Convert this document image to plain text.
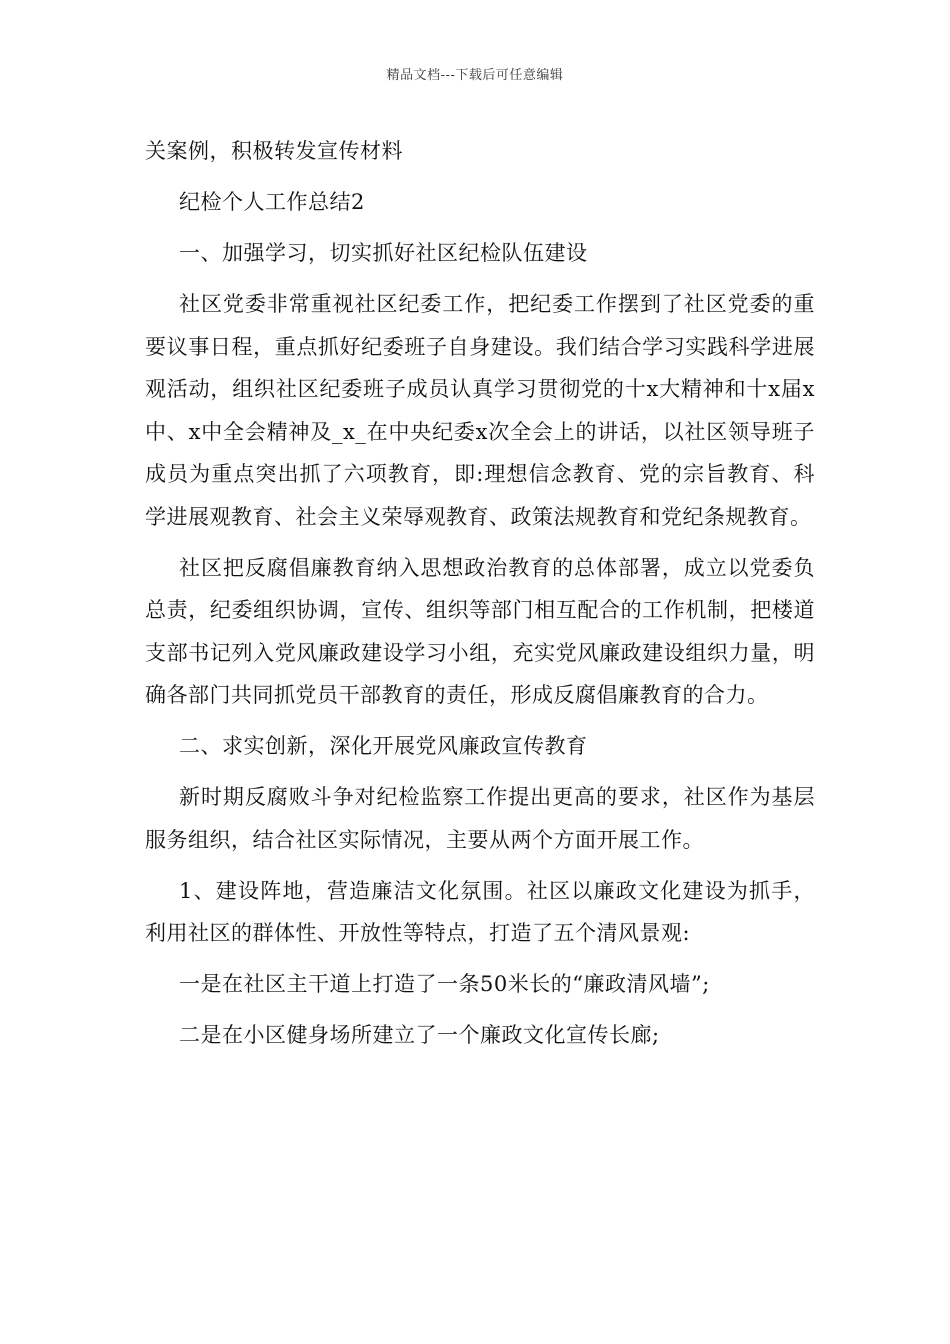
精品文档---下载后可任意编辑

关案例，积极转发宣传材料

纪检个人工作总结2

一、加强学习，切实抓好社区纪检队伍建设

社区党委非常重视社区纪委工作，把纪委工作摆到了社区党委的重要议事日程，重点抓好纪委班子自身建设。我们结合学习实践科学进展观活动，组织社区纪委班子成员认真学习贯彻党的十x大精神和十x届x中、x中全会精神及_x_在中央纪委x次全会上的讲话，以社区领导班子成员为重点突出抓了六项教育，即:理想信念教育、党的宗旨教育、科学进展观教育、社会主义荣辱观教育、政策法规教育和党纪条规教育。

社区把反腐倡廉教育纳入思想政治教育的总体部署，成立以党委负总责，纪委组织协调，宣传、组织等部门相互配合的工作机制，把楼道支部书记列入党风廉政建设学习小组，充实党风廉政建设组织力量，明确各部门共同抓党员干部教育的责任，形成反腐倡廉教育的合力。

二、求实创新，深化开展党风廉政宣传教育

新时期反腐败斗争对纪检监察工作提出更高的要求，社区作为基层服务组织，结合社区实际情况，主要从两个方面开展工作。

1、建设阵地，营造廉洁文化氛围。社区以廉政文化建设为抓手，利用社区的群体性、开放性等特点，打造了五个清风景观:

一是在社区主干道上打造了一条50米长的“廉政清风墙”;

二是在小区健身场所建立了一个廉政文化宣传长廊;
